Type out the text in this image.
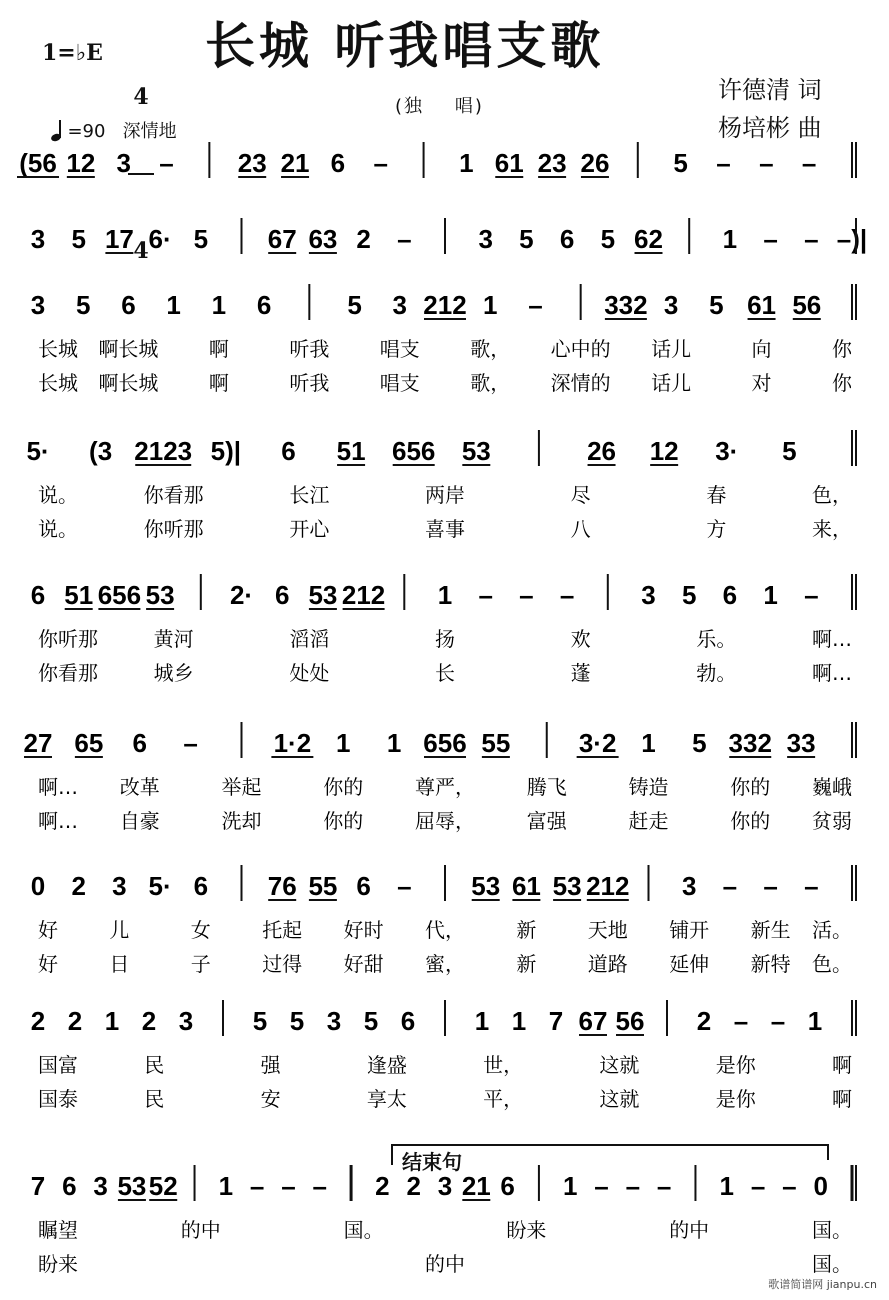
1=♭E

4

4

长城 听我唱支歌

=90 深情地

(独    唱)
许德清 词
杨培彬 曲
(56 12 3 – 23 21 6 –	1 61 23 26 5 – – –
3 5 17 6· 5 67 63 2 –	3 5 6 5 62 1 – – –)|
3 5 6 1 1 6	5 3 212 1 – 332 3 5 61 56
长城 啊长城	啊	听我	唱支	歌， 心中的 话儿	向	你
长城 啊长城	啊	听我	唱支	歌， 深情的 话儿	对	你
5· (3 2123 5)| 6 51 656 53	26 12 3· 5
说。	你看那	长江	两岸	尽	春	色，
说。	你听那	开心	喜事	八	方	来，
6 51 656 53 2· 6 53 212 1 – – –	3 5 6 1 –
你听那	黄河	滔滔	扬	欢	乐。	啊…
你看那	城乡	处处	长	蓬	勃。	啊…
27 65 6 –	1·2 1 1 656 55	3·2 1 5 332 33
啊… 改革	举起	你的	尊严，	腾飞	铸造	你的 巍峨
啊… 自豪	洗却	你的	屈辱，	富强	赶走	你的 贫弱
0 2 3 5· 6 76 55 6 – 53 61 53 212 3 – – –
好	儿	女	托起 好时 代，	新	天地 铺开 新生 活。
好	日	子	过得 好甜 蜜，	新	道路 延伸 新特 色。
2 2 1 2 3 5 5 3 5 6 1 1 7 67 56 2 – – 1
国富	民	强	逢盛	世，	这就	是你	啊
国泰	民	安	享太	平，	这就	是你	啊
7 6 3 53 52 1 – – – 2 2 3 21 6 1 – – – 1 – – 0
瞩望	的中	国。	盼来	的中	国。
盼来	的中	国。
结束句
歌谱简谱网 jianpu.cn
